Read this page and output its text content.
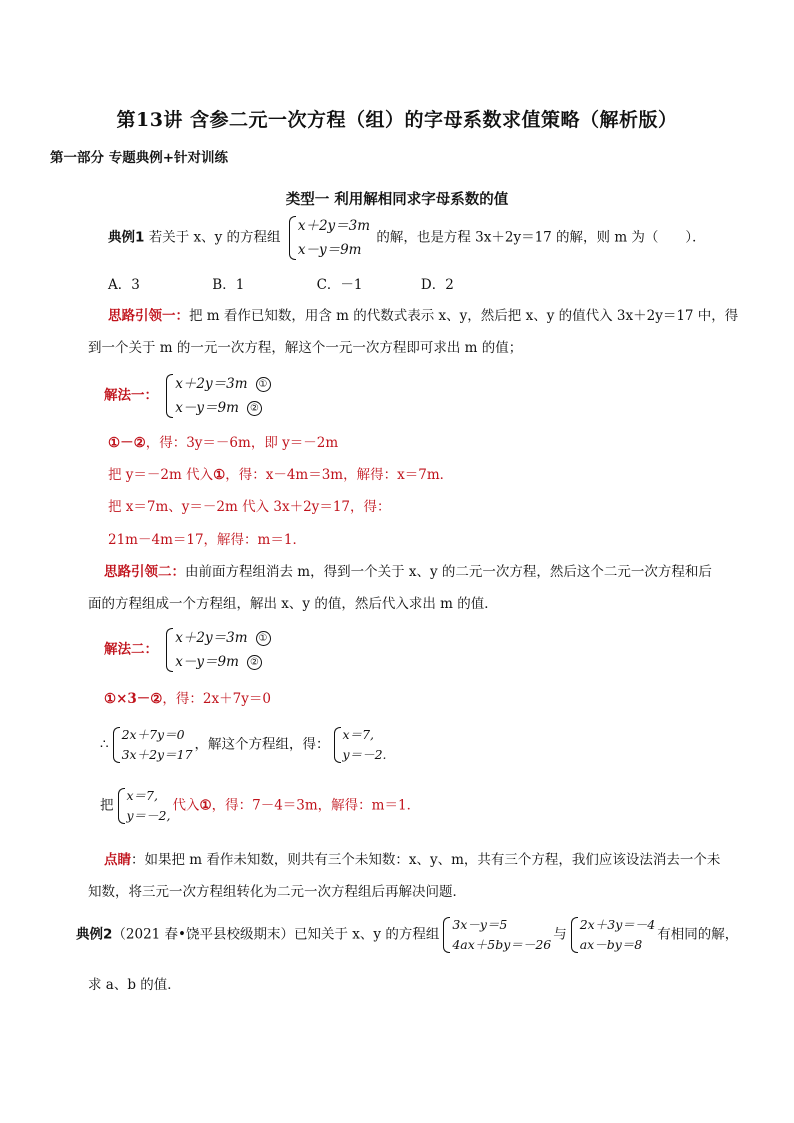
第13讲 含参二元一次方程（组）的字母系数求值策略（解析版）
第一部分 专题典例+针对训练
类型一 利用解相同求字母系数的值
典例1 若关于 x、y 的方程组
x＋2y＝3m
x－y＝9m
的解，也是方程 3x＋2y＝17 的解，则 m 为（　　）．
A．3	B．1	C．－1	D．2
思路引领一：把 m 看作已知数，用含 m 的代数式表示 x、y，然后把 x、y 的值代入 3x＋2y＝17 中，得
到一个关于 m 的一元一次方程，解这个一元一次方程即可求出 m 的值；
解法一：
x＋2y＝3m ①
x－y＝9m ②
①－②，得：3y＝－6m，即 y＝－2m
把 y＝－2m 代入①，得：x－4m＝3m，解得：x＝7m．
把 x＝7m、y＝－2m 代入 3x＋2y＝17，得：
21m－4m＝17，解得：m＝1．
思路引领二：由前面方程组消去 m，得到一个关于 x、y 的二元一次方程，然后这个二元一次方程和后
面的方程组成一个方程组，解出 x、y 的值，然后代入求出 m 的值．
解法二：
x＋2y＝3m ①
x－y＝9m ②
①×3－②，得：2x＋7y＝0
∴
2x＋7y＝0
3x＋2y＝17
，解这个方程组，得：
x＝7,
y＝－2.
把
x＝7,
y＝－2,
代入①，得：7－4＝3m，解得：m＝1．
点睛：如果把 m 看作未知数，则共有三个未知数：x、y、m，共有三个方程，我们应该设法消去一个未
知数，将三元一次方程组转化为二元一次方程组后再解决问题．
典例2（2021 春•饶平县校级期末）已知关于 x、y 的方程组
3x－y＝5
4ax＋5by＝－26
与
2x＋3y＝－4
ax－by＝8
有相同的解，
求 a、b 的值．
